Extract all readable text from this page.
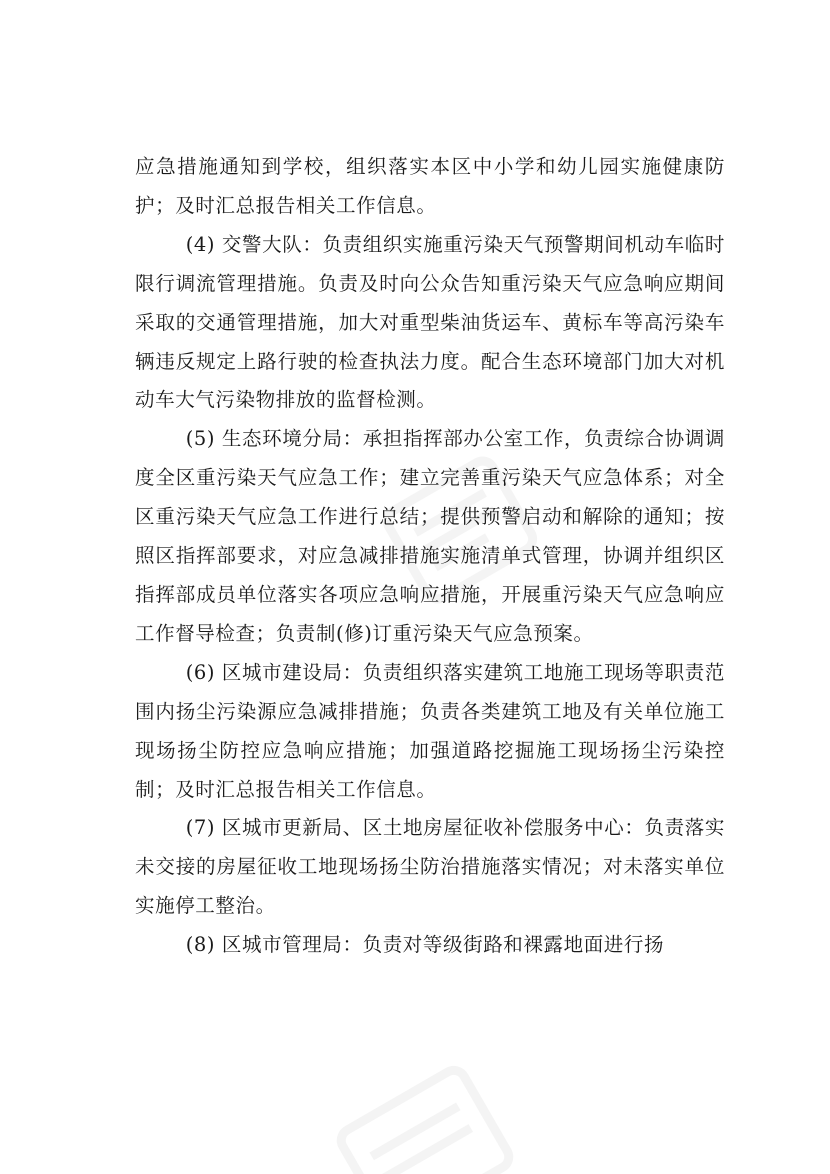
应急措施通知到学校，组织落实本区中小学和幼儿园实施健康防护；及时汇总报告相关工作信息。

(4) 交警大队：负责组织实施重污染天气预警期间机动车临时限行调流管理措施。负责及时向公众告知重污染天气应急响应期间采取的交通管理措施，加大对重型柴油货运车、黄标车等高污染车辆违反规定上路行驶的检查执法力度。配合生态环境部门加大对机动车大气污染物排放的监督检测。

(5) 生态环境分局：承担指挥部办公室工作，负责综合协调调度全区重污染天气应急工作；建立完善重污染天气应急体系；对全区重污染天气应急工作进行总结；提供预警启动和解除的通知；按照区指挥部要求，对应急减排措施实施清单式管理，协调并组织区指挥部成员单位落实各项应急响应措施，开展重污染天气应急响应工作督导检查；负责制(修)订重污染天气应急预案。

(6) 区城市建设局：负责组织落实建筑工地施工现场等职责范围内扬尘污染源应急减排措施；负责各类建筑工地及有关单位施工现场扬尘防控应急响应措施；加强道路挖掘施工现场扬尘污染控制；及时汇总报告相关工作信息。

(7) 区城市更新局、区土地房屋征收补偿服务中心：负责落实未交接的房屋征收工地现场扬尘防治措施落实情况；对未落实单位实施停工整治。

(8) 区城市管理局：负责对等级街路和裸露地面进行扬
